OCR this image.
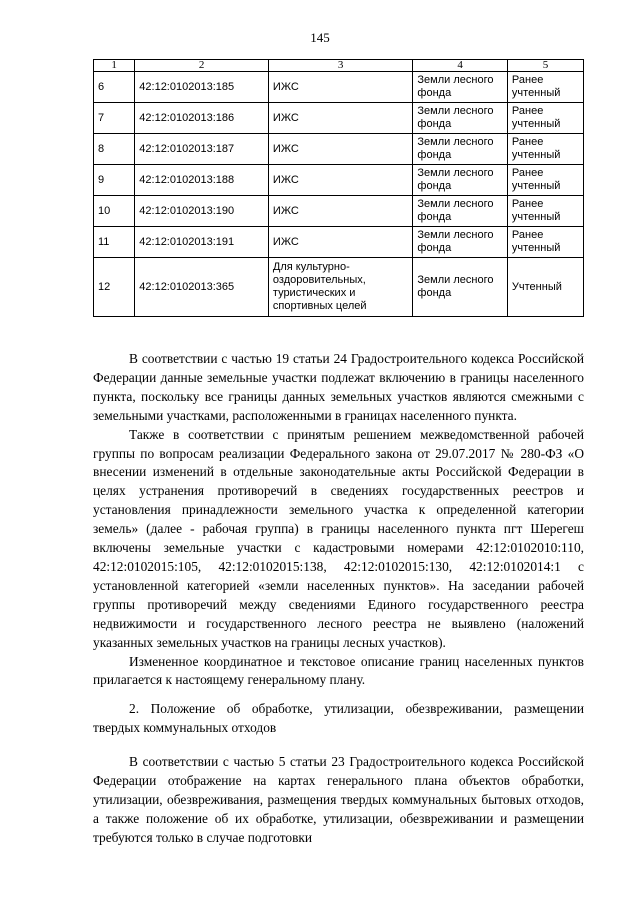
145
1	2	3	4	5
6	42:12:0102013:185	ИЖС	Земли лесного фонда	Ранее учтенный
7	42:12:0102013:186	ИЖС	Земли лесного фонда	Ранее учтенный
8	42:12:0102013:187	ИЖС	Земли лесного фонда	Ранее учтенный
9	42:12:0102013:188	ИЖС	Земли лесного фонда	Ранее учтенный
10	42:12:0102013:190	ИЖС	Земли лесного фонда	Ранее учтенный
11	42:12:0102013:191	ИЖС	Земли лесного фонда	Ранее учтенный
12	42:12:0102013:365	Для культурно-оздоровительных, туристических и спортивных целей	Земли лесного фонда	Учтенный

В соответствии с частью 19 статьи 24 Градостроительного кодекса Российской Федерации данные земельные участки подлежат включению в границы населенного пункта, поскольку все границы данных земельных участков являются смежными с земельными участками, расположенными в границах населенного пункта.

Также в соответствии с принятым решением межведомственной рабочей группы по вопросам реализации Федерального закона от 29.07.2017 № 280-ФЗ «О внесении изменений в отдельные законодательные акты Российской Федерации в целях устранения противоречий в сведениях государственных реестров и установления принадлежности земельного участка к определенной категории земель» (далее - рабочая группа) в границы населенного пункта пгт Шерегеш включены земельные участки с кадастровыми номерами 42:12:0102010:110, 42:12:0102015:105, 42:12:0102015:138, 42:12:0102015:130, 42:12:0102014:1 с установленной категорией «земли населенных пунктов». На заседании рабочей группы противоречий между сведениями Единого государственного реестра недвижимости и государственного лесного реестра не выявлено (наложений указанных земельных участков на границы лесных участков).

Измененное координатное и текстовое описание границ населенных пунктов прилагается к настоящему генеральному плану.

2. Положение об обработке, утилизации, обезвреживании, размещении твердых коммунальных отходов

В соответствии с частью 5 статьи 23 Градостроительного кодекса Российской Федерации отображение на картах генерального плана объектов обработки, утилизации, обезвреживания, размещения твердых коммунальных бытовых отходов, а также положение об их обработке, утилизации, обезвреживании и размещении требуются только в случае подготовки
